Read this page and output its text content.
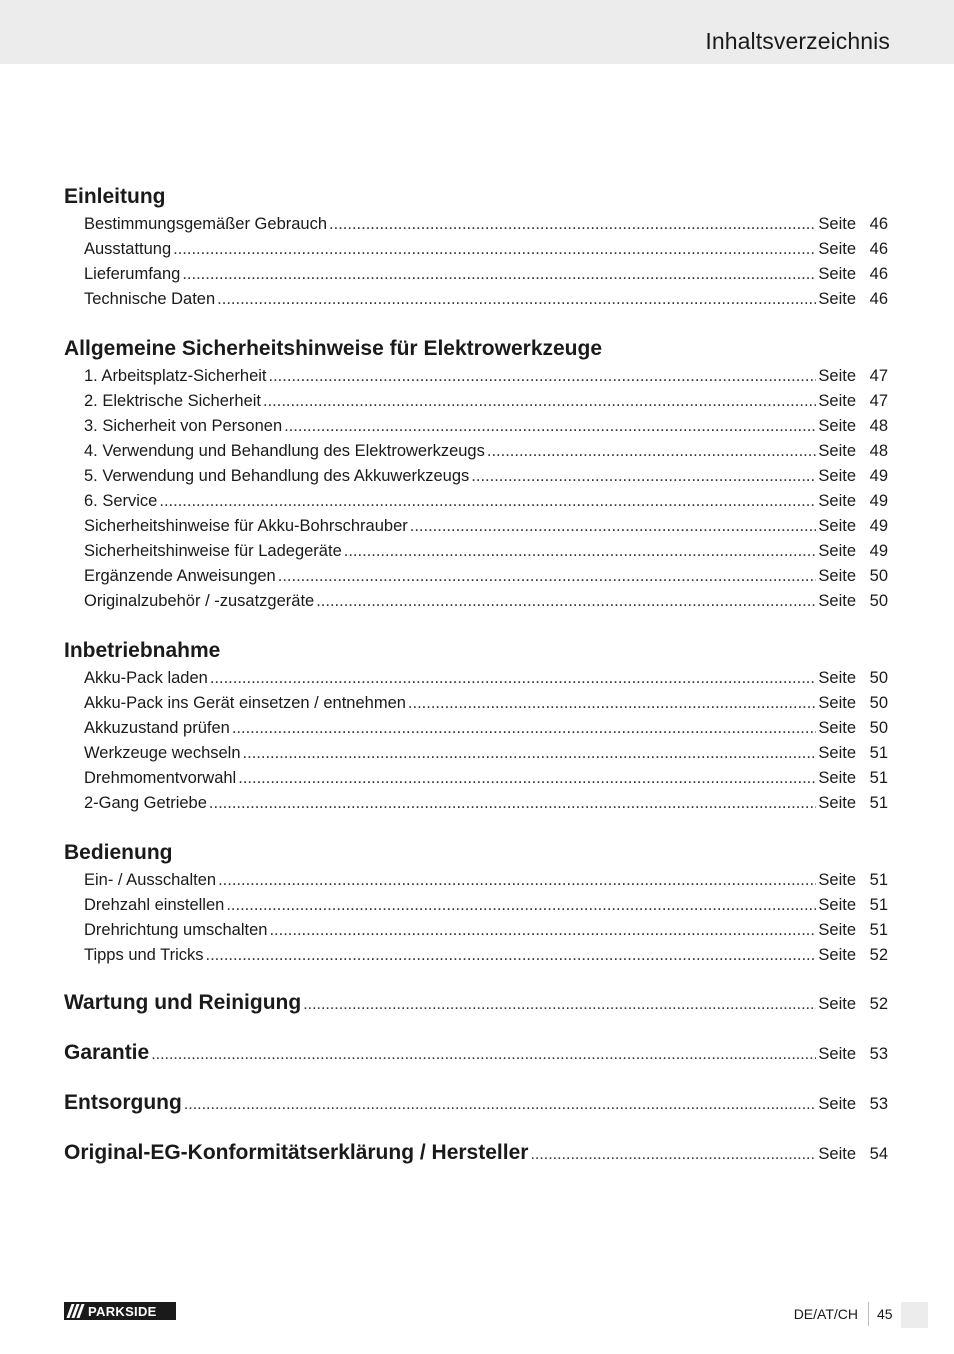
Inhaltsverzeichnis
Einleitung
Bestimmungsgemäßer Gebrauch .....	Seite 46
Ausstattung .....	Seite 46
Lieferumfang .....	Seite 46
Technische Daten .....	Seite 46
Allgemeine Sicherheitshinweise für Elektrowerkzeuge
1. Arbeitsplatz-Sicherheit .....	Seite 47
2. Elektrische Sicherheit .....	Seite 47
3. Sicherheit von Personen .....	Seite 48
4. Verwendung und Behandlung des Elektrowerkzeugs .....	Seite 48
5. Verwendung und Behandlung des Akkuwerkzeugs .....	Seite 49
6. Service .....	Seite 49
Sicherheitshinweise für Akku-Bohrschrauber .....	Seite 49
Sicherheitshinweise für Ladegeräte .....	Seite 49
Ergänzende Anweisungen .....	Seite 50
Originalzubehör / -zusatzgeräte .....	Seite 50
Inbetriebnahme
Akku-Pack laden .....	Seite 50
Akku-Pack ins Gerät einsetzen / entnehmen .....	Seite 50
Akkuzustand prüfen .....	Seite 50
Werkzeuge wechseln .....	Seite 51
Drehmomentvorwahl .....	Seite 51
2-Gang Getriebe .....	Seite 51
Bedienung
Ein- / Ausschalten .....	Seite 51
Drehzahl einstellen .....	Seite 51
Drehrichtung umschalten .....	Seite 51
Tipps und Tricks .....	Seite 52
Wartung und Reinigung .....	Seite 52
Garantie .....	Seite 53
Entsorgung .....	Seite 53
Original-EG-Konformitätserklärung / Hersteller .....	Seite 54
PARKSIDE	DE/AT/CH 45
